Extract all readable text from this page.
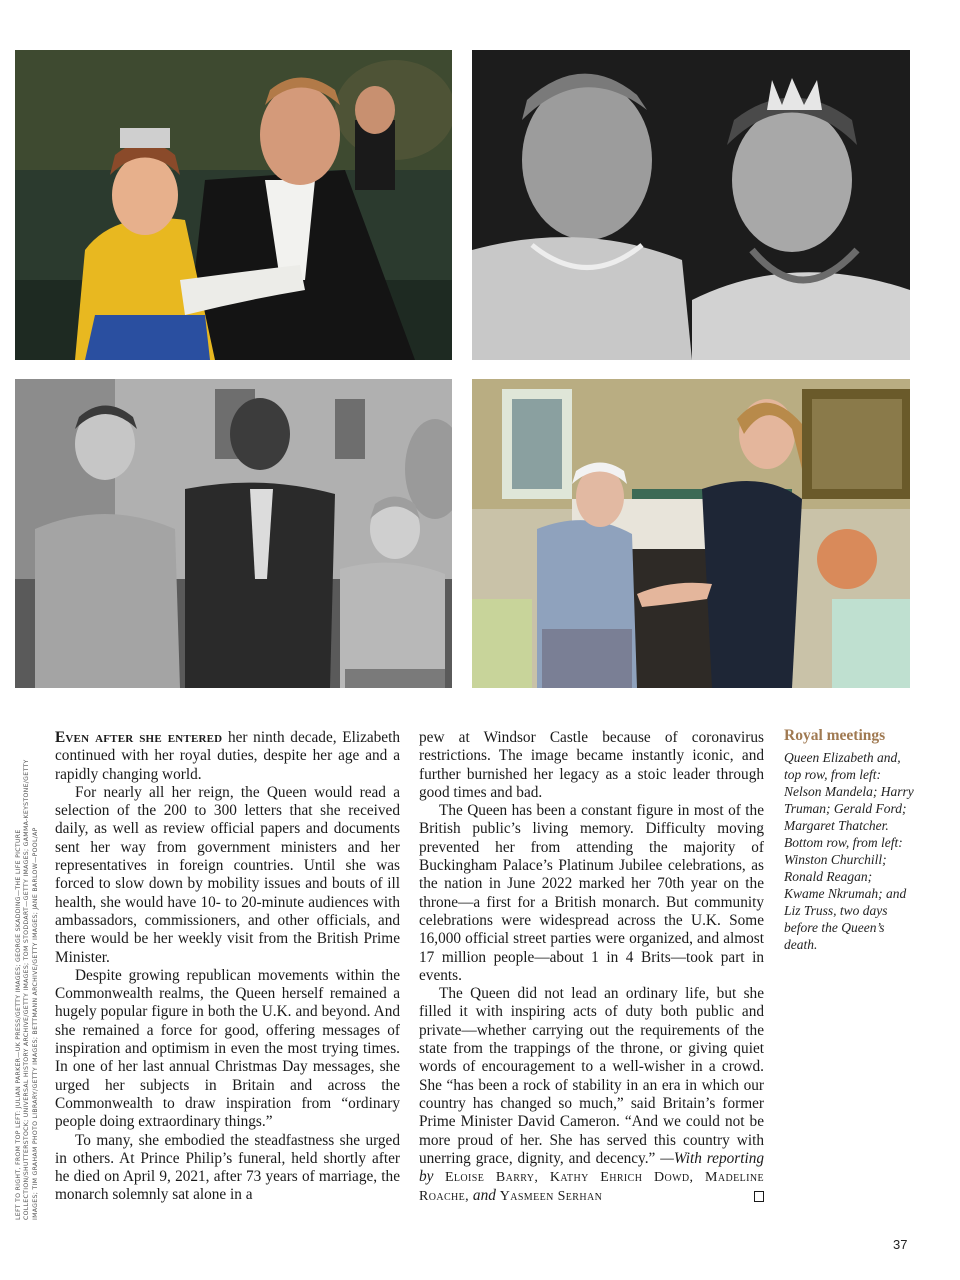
LEFT TO RIGHT, FROM TOP LEFT: JULIAN PARKER—UK PRESS/GETTY IMAGES; GEORGE SKADDING—THE LIFE PICTURE COLLECTION/SHUTTERSTOCK; UNIVERSAL HISTORY ARCHIVE/GETTY IMAGES; TOM STODDART—GETTY IMAGES; GAMMA-KEYSTONE/GETTY IMAGES; TIM GRAHAM PHOTO LIBRARY/GETTY IMAGES; BETTMANN ARCHIVE/GETTY IMAGES; JANE BARLOW—POOL/AP

Even after she entered her ninth decade, Elizabeth continued with her royal duties, despite her age and a rapidly changing world.

For nearly all her reign, the Queen would read a selection of the 200 to 300 letters that she received daily, as well as review official papers and documents sent her way from government ministers and her representatives in foreign countries. Until she was forced to slow down by mobility issues and bouts of ill health, she would have 10- to 20-minute audiences with ambassadors, commissioners, and other officials, and there would be her weekly visit from the British Prime Minister.

Despite growing republican movements within the Commonwealth realms, the Queen herself remained a hugely popular figure in both the U.K. and beyond. And she remained a force for good, offering messages of inspiration and optimism in even the most trying times. In one of her last annual Christmas Day messages, she urged her subjects in Britain and across the Commonwealth to draw inspiration from “ordinary people doing extraordinary things.”

To many, she embodied the steadfastness she urged in others. At Prince Philip’s funeral, held shortly after he died on April 9, 2021, after 73 years of marriage, the monarch solemnly sat alone in a

pew at Windsor Castle because of coronavirus restrictions. The image became instantly iconic, and further burnished her legacy as a stoic leader through good times and bad.

The Queen has been a constant figure in most of the British public’s living memory. Difficulty moving prevented her from attending the majority of Buckingham Palace’s Platinum Jubilee celebrations, as the nation in June 2022 marked her 70th year on the throne—a first for a British monarch. But community celebrations were widespread across the U.K. Some 16,000 official street parties were organized, and almost 17 million people—about 1 in 4 Brits—took part in events.

The Queen did not lead an ordinary life, but she filled it with inspiring acts of duty both public and private—whether carrying out the requirements of the state from the trappings of the throne, or giving quiet words of encouragement to a well-wisher in a crowd. She “has been a rock of stability in an era in which our country has changed so much,” said Britain’s former Prime Minister David Cameron. “And we could not be more proud of her. She has served this country with unerring grace, dignity, and decency.” —With reporting by Eloise Barry, Kathy Ehrich Dowd, Madeline Roache, and Yasmeen Serhan

Royal meetings
Queen Elizabeth and, top row, from left: Nelson Mandela; Harry Truman; Gerald Ford; Margaret Thatcher. Bottom row, from left: Winston Churchill; Ronald Reagan; Kwame Nkrumah; and Liz Truss, two days before the Queen’s death.
37
